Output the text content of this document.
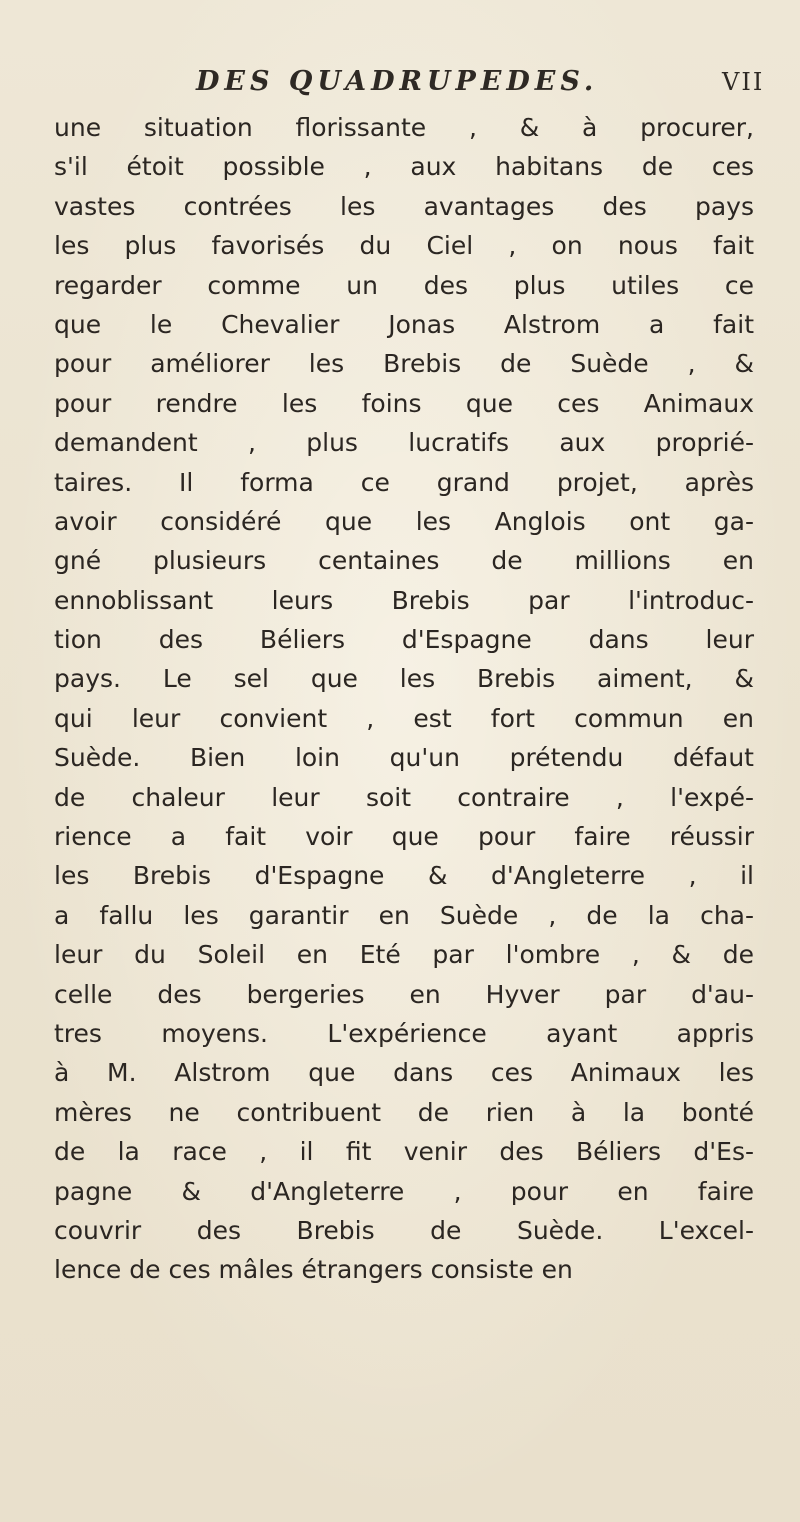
DES QUADRUPEDES.	VII
une situation florissante , & à procurer,
s'il étoit possible , aux habitans de ces
vastes contrées les avantages des pays
les plus favorisés du Ciel , on nous fait
regarder comme un des plus utiles ce
que le Chevalier Jonas Alstrom a fait
pour améliorer les Brebis de Suède , &
pour rendre les foins que ces Animaux
demandent , plus lucratifs aux proprié-
taires. Il forma ce grand projet, après
avoir considéré que les Anglois ont ga-
gné plusieurs centaines de millions en
ennoblissant leurs Brebis par l'introduc-
tion des Béliers d'Espagne dans leur
pays. Le sel que les Brebis aiment, &
qui leur convient , est fort commun en
Suède. Bien loin qu'un prétendu défaut
de chaleur leur soit contraire , l'expé-
rience a fait voir que pour faire réussir
les Brebis d'Espagne & d'Angleterre , il
a fallu les garantir en Suède , de la cha-
leur du Soleil en Eté par l'ombre , & de
celle des bergeries en Hyver par d'au-
tres moyens. L'expérience ayant appris
à M. Alstrom que dans ces Animaux les
mères ne contribuent de rien à la bonté
de la race , il fit venir des Béliers d'Es-
pagne & d'Angleterre , pour en faire
couvrir des Brebis de Suède. L'excel-
lence de ces mâles étrangers consiste en
